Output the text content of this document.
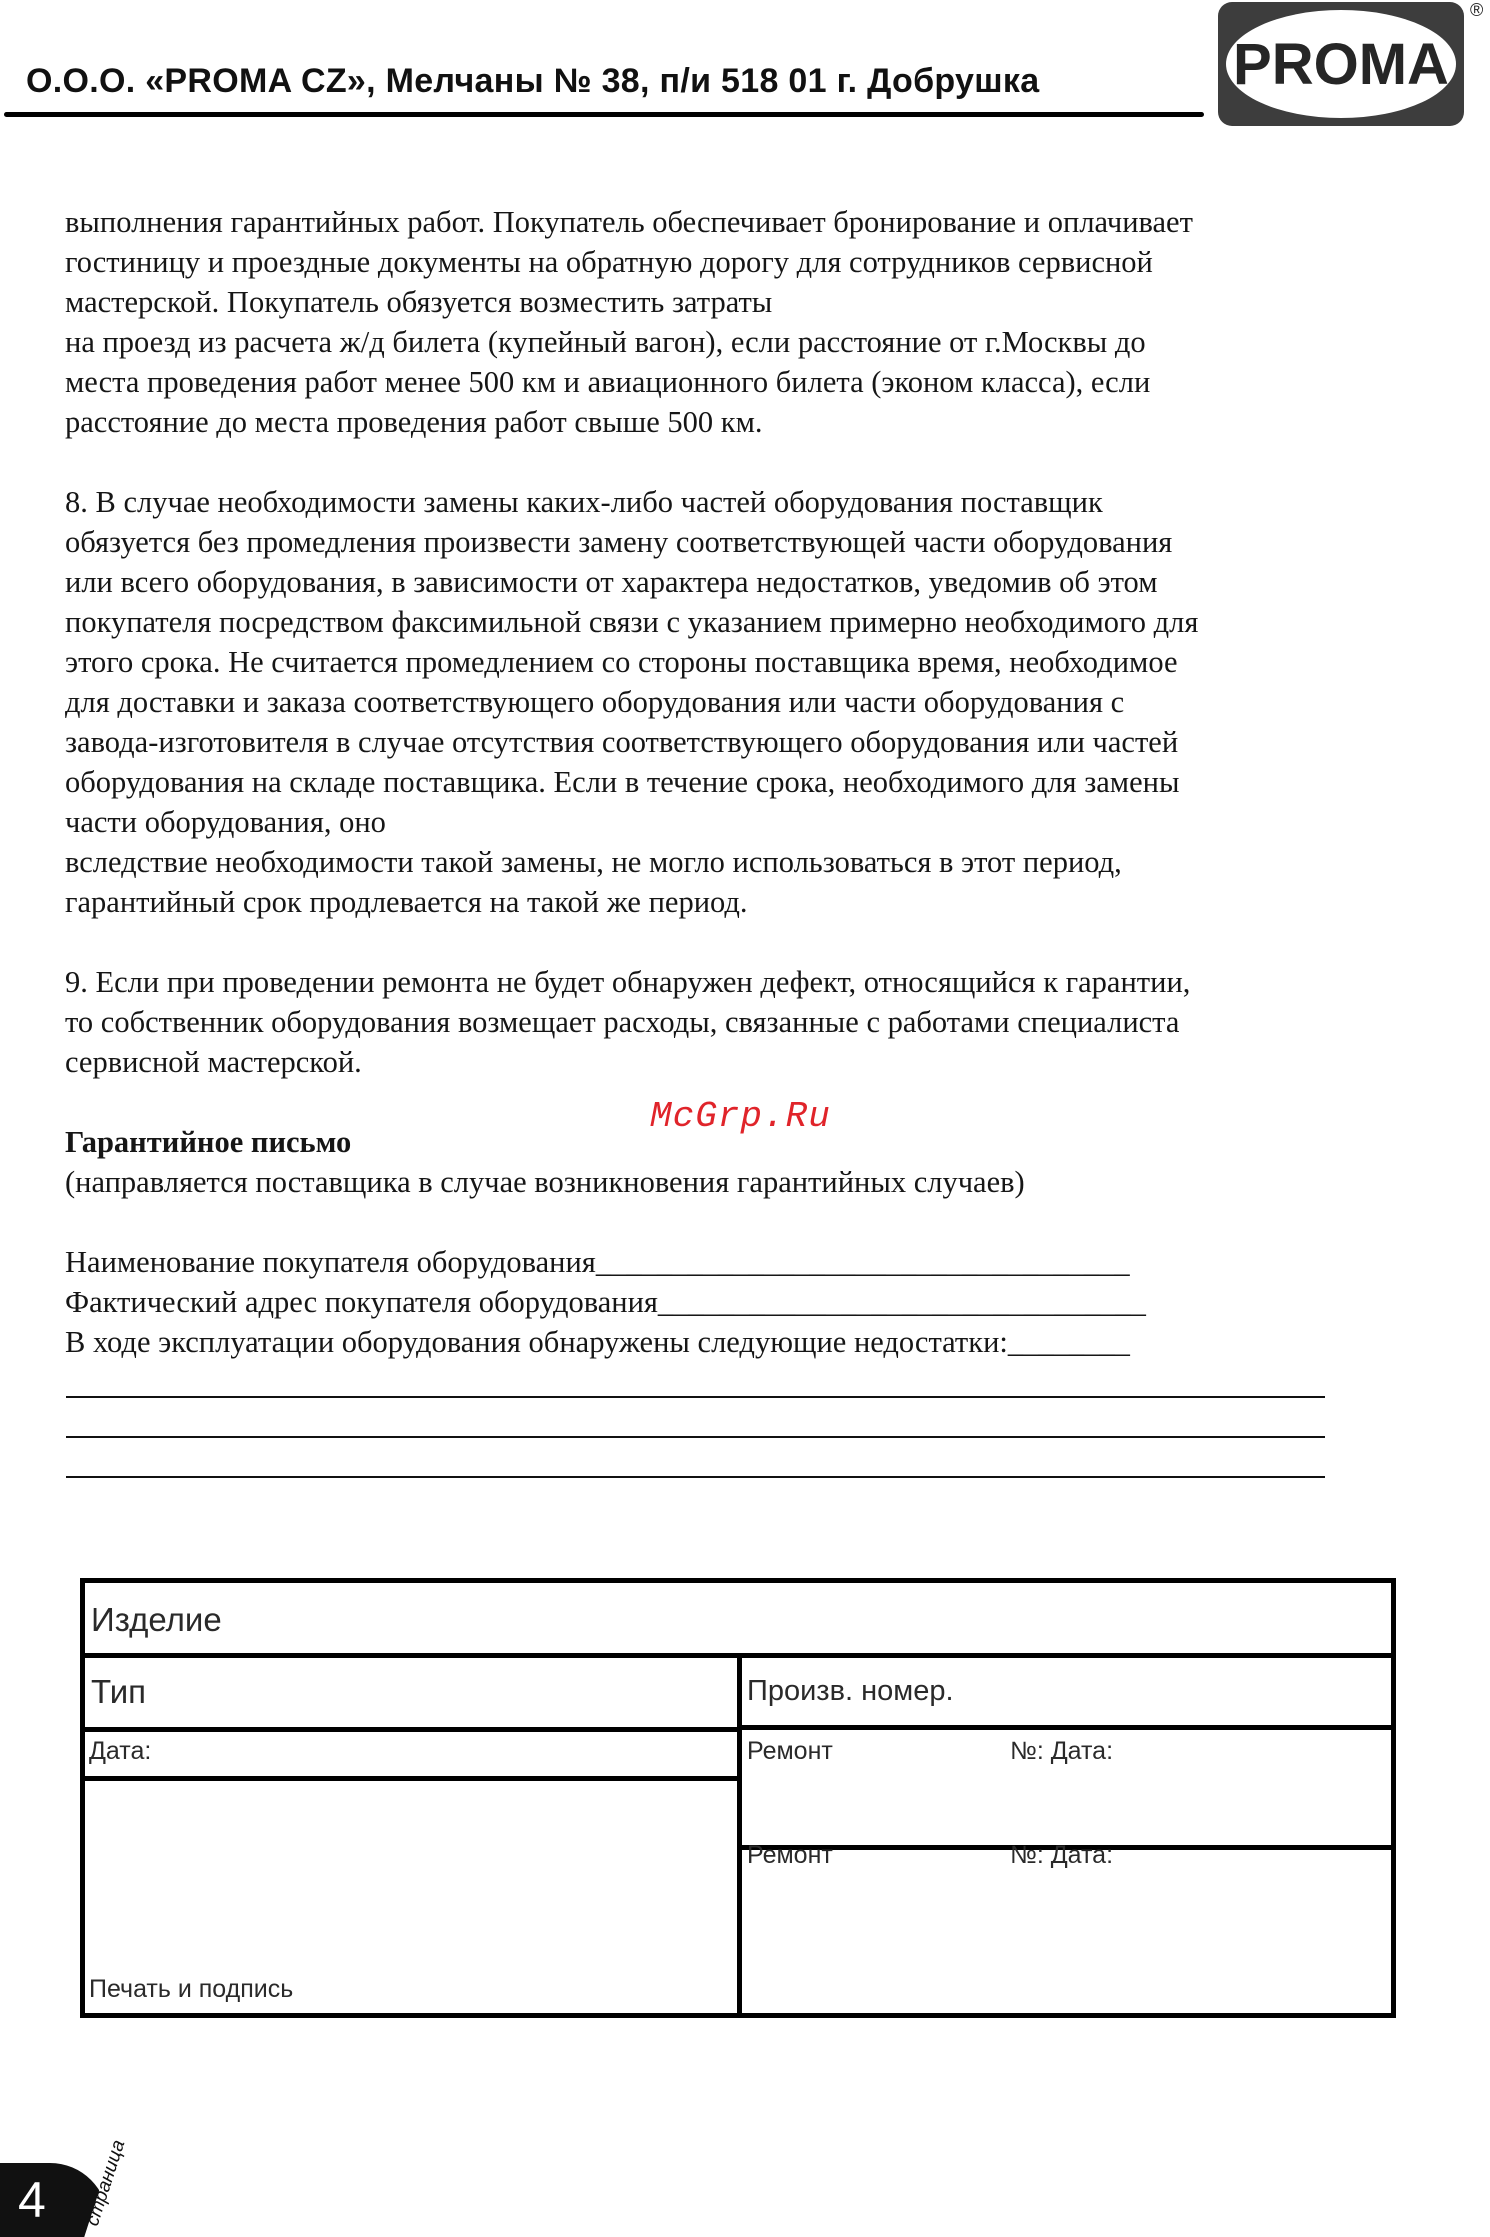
О.О.О. «PROMA CZ», Мелчаны № 38, п/и 518 01 г. Добрушка	PROMA
®
выполнения гарантийных работ. Покупатель обеспечивает бронирование и оплачивает
гостиницу и проездные документы на обратную дорогу для сотрудников сервисной
мастерской. Покупатель обязуется возместить затраты
на проезд из расчета ж/д билета (купейный вагон), если расстояние от г.Москвы до
места проведения работ менее 500 км и авиационного билета (эконом класса), если
расстояние до места проведения работ свыше 500 км.
8. В случае необходимости замены каких-либо частей оборудования поставщик
обязуется без промедления произвести замену соответствующей части оборудования
или всего оборудования, в зависимости от характера недостатков, уведомив об этом
покупателя посредством факсимильной связи с указанием примерно необходимого для
этого срока. Не считается промедлением со стороны поставщика время, необходимое
для доставки и заказа соответствующего оборудования или части оборудования с
завода-изготовителя в случае отсутствия соответствующего оборудования или частей
оборудования на складе поставщика. Если в течение срока, необходимого для замены
части оборудования, оно
вследствие необходимости такой замены, не могло использоваться в этот период,
гарантийный срок продлевается на такой же период.
9. Если при проведении ремонта не будет обнаружен дефект, относящийся к гарантии,
то собственник оборудования возмещает расходы, связанные с работами специалиста
сервисной мастерской.
Гарантийное письмо
(направляется поставщика в случае возникновения гарантийных случаев)
Наименование покупателя оборудования___________________________________
Фактический адрес покупателя оборудования________________________________
В ходе эксплуатации оборудования обнаружены следующие недостатки:________
McGrp.Ru
Изделие
Тип	Произв. номер.
Дата:	Ремонт	№: Дата:
Ремонт	№: Дата:
Печать и подпись
4 страница
